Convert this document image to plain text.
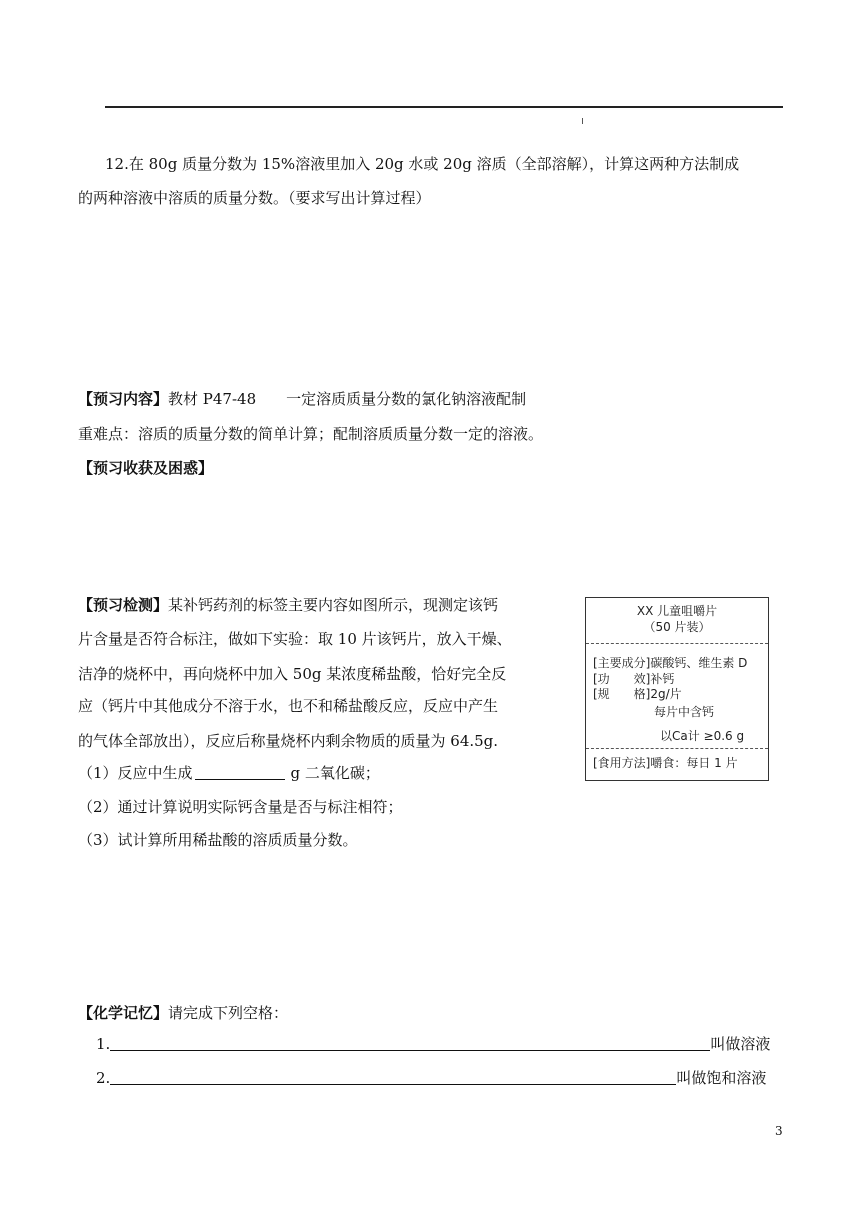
12.在 80g 质量分数为 15%溶液里加入 20g 水或 20g 溶质（全部溶解），计算这两种方法制成
的两种溶液中溶质的质量分数。（要求写出计算过程）
【预习内容】教材 P47-48　　一定溶质质量分数的氯化钠溶液配制
重难点：溶质的质量分数的简单计算；配制溶质质量分数一定的溶液。
【预习收获及困惑】
【预习检测】某补钙药剂的标签主要内容如图所示，现测定该钙
片含量是否符合标注，做如下实验：取 10 片该钙片，放入干燥、
洁净的烧杯中，再向烧杯中加入 50g 某浓度稀盐酸，恰好完全反
应（钙片中其他成分不溶于水，也不和稀盐酸反应，反应中产生
的气体全部放出），反应后称量烧杯内剩余物质的质量为 64.5g.
（1）反应中生成	g 二氧化碳；
（2）通过计算说明实际钙含量是否与标注相符；
（3）试计算所用稀盐酸的溶质质量分数。
XX 儿童咀嚼片
（50 片装）
[主要成分]碳酸钙、维生素 D
[功　　效]补钙
[规　　格]2g/片
每片中含钙
以Ca计 ≥0.6 g
[食用方法]嚼食：每日 1 片
【化学记忆】请完成下列空格：
1.	叫做溶液
2.	叫做饱和溶液
3
